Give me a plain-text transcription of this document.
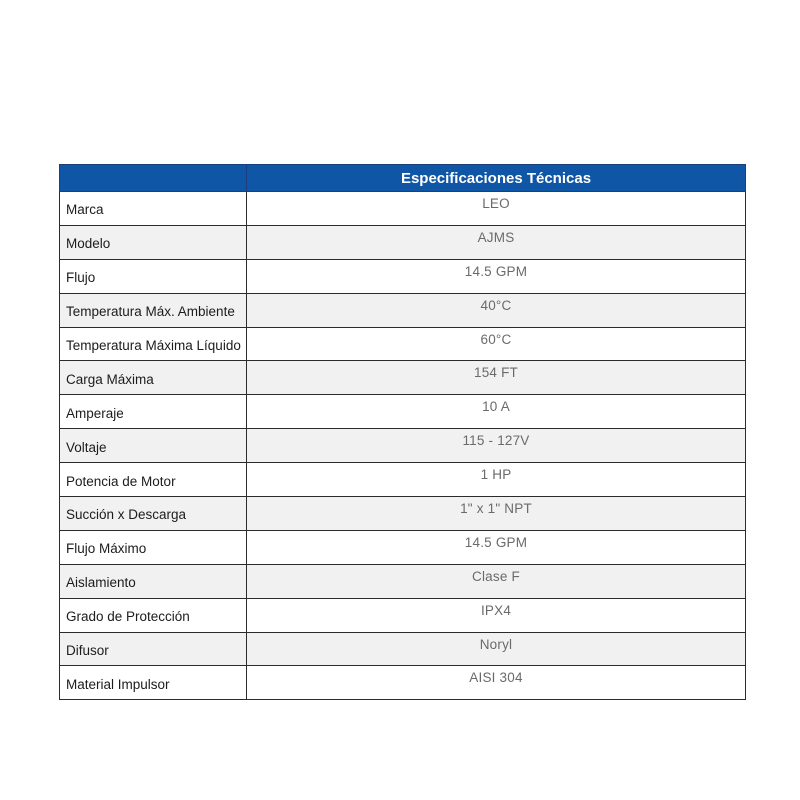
	Especificaciones Técnicas
Marca	LEO
Modelo	AJMS
Flujo	14.5 GPM
Temperatura Máx. Ambiente	40°C
Temperatura Máxima Líquido	60°C
Carga Máxima	154 FT
Amperaje	10 A
Voltaje	115 - 127V
Potencia de Motor	1 HP
Succión x Descarga	1" x 1" NPT
Flujo Máximo	14.5 GPM
Aislamiento	Clase F
Grado de Protección	IPX4
Difusor	Noryl
Material Impulsor	AISI 304
